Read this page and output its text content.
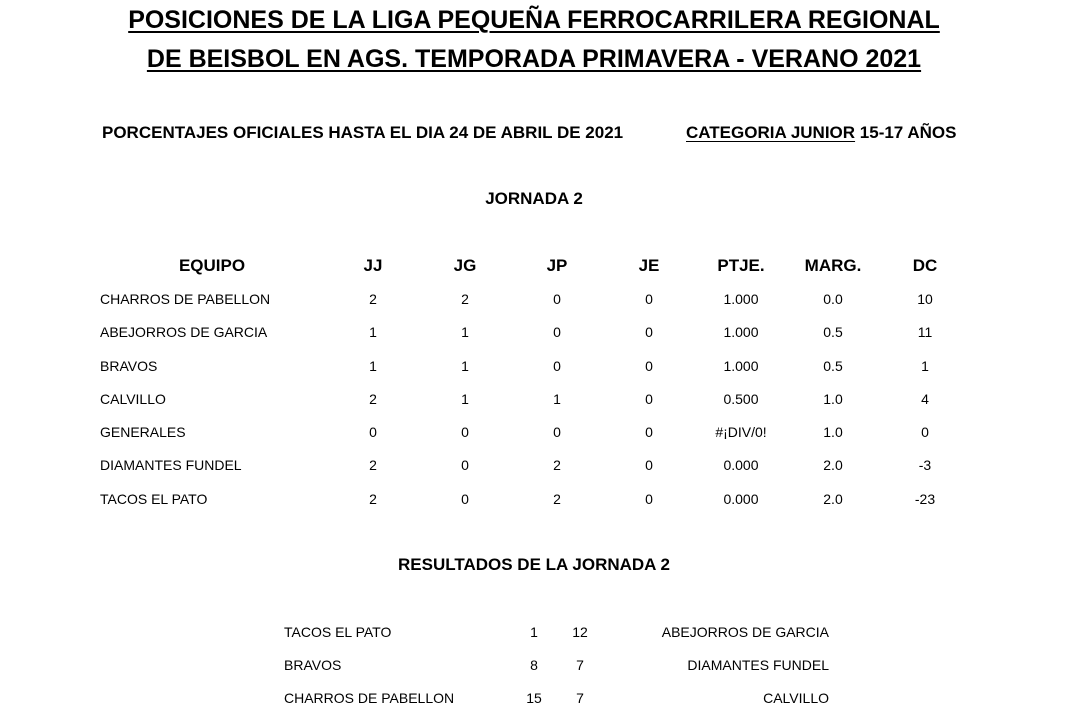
POSICIONES DE LA LIGA PEQUEÑA FERROCARRILERA REGIONAL
DE BEISBOL EN AGS. TEMPORADA PRIMAVERA - VERANO 2021
PORCENTAJES OFICIALES HASTA EL DIA 24 DE ABRIL DE 2021	CATEGORIA JUNIOR 15-17 AÑOS
JORNADA 2
EQUIPO	JJ	JG	JP	JE	PTJE.	MARG.	DC
CHARROS DE PABELLON	2	2	0	0	1.000	0.0	10
ABEJORROS DE GARCIA	1	1	0	0	1.000	0.5	11
BRAVOS	1	1	0	0	1.000	0.5	1
CALVILLO	2	1	1	0	0.500	1.0	4
GENERALES	0	0	0	0	#¡DIV/0!	1.0	0
DIAMANTES FUNDEL	2	0	2	0	0.000	2.0	-3
TACOS EL PATO	2	0	2	0	0.000	2.0	-23
RESULTADOS DE LA JORNADA 2
TACOS EL PATO	1	12	ABEJORROS DE GARCIA
BRAVOS	8	7	DIAMANTES FUNDEL
CHARROS DE PABELLON	15	7	CALVILLO
